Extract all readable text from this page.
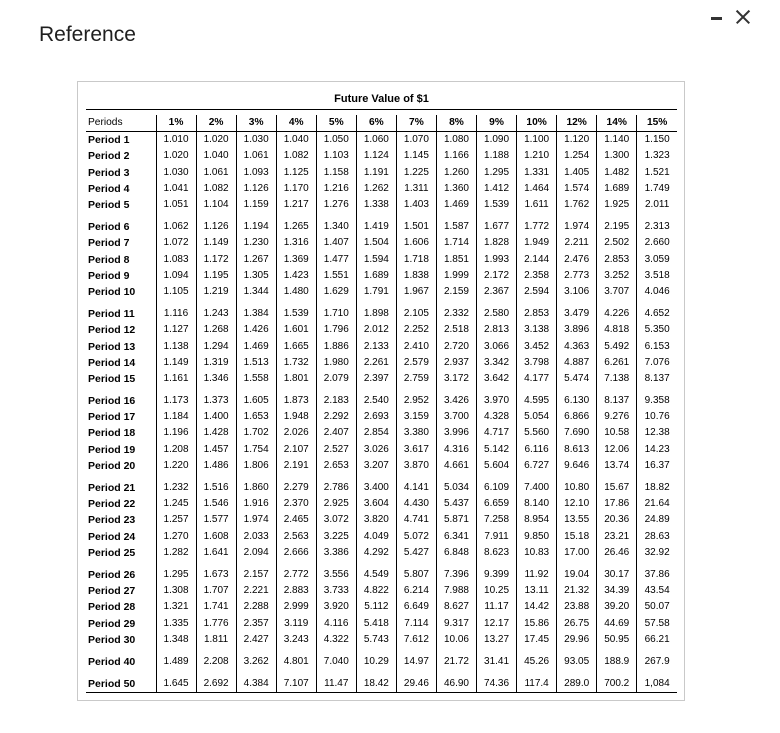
Reference
Future Value of $1
Periods	1%	2%	3%	4%	5%	6%	7%	8%	9%	10%	12%	14%	15%
Period 1	1.010	1.020	1.030	1.040	1.050	1.060	1.070	1.080	1.090	1.100	1.120	1.140	1.150
Period 2	1.020	1.040	1.061	1.082	1.103	1.124	1.145	1.166	1.188	1.210	1.254	1.300	1.323
Period 3	1.030	1.061	1.093	1.125	1.158	1.191	1.225	1.260	1.295	1.331	1.405	1.482	1.521
Period 4	1.041	1.082	1.126	1.170	1.216	1.262	1.311	1.360	1.412	1.464	1.574	1.689	1.749
Period 5	1.051	1.104	1.159	1.217	1.276	1.338	1.403	1.469	1.539	1.611	1.762	1.925	2.011

Period 6	1.062	1.126	1.194	1.265	1.340	1.419	1.501	1.587	1.677	1.772	1.974	2.195	2.313
Period 7	1.072	1.149	1.230	1.316	1.407	1.504	1.606	1.714	1.828	1.949	2.211	2.502	2.660
Period 8	1.083	1.172	1.267	1.369	1.477	1.594	1.718	1.851	1.993	2.144	2.476	2.853	3.059
Period 9	1.094	1.195	1.305	1.423	1.551	1.689	1.838	1.999	2.172	2.358	2.773	3.252	3.518
Period 10	1.105	1.219	1.344	1.480	1.629	1.791	1.967	2.159	2.367	2.594	3.106	3.707	4.046

Period 11	1.116	1.243	1.384	1.539	1.710	1.898	2.105	2.332	2.580	2.853	3.479	4.226	4.652
Period 12	1.127	1.268	1.426	1.601	1.796	2.012	2.252	2.518	2.813	3.138	3.896	4.818	5.350
Period 13	1.138	1.294	1.469	1.665	1.886	2.133	2.410	2.720	3.066	3.452	4.363	5.492	6.153
Period 14	1.149	1.319	1.513	1.732	1.980	2.261	2.579	2.937	3.342	3.798	4.887	6.261	7.076
Period 15	1.161	1.346	1.558	1.801	2.079	2.397	2.759	3.172	3.642	4.177	5.474	7.138	8.137

Period 16	1.173	1.373	1.605	1.873	2.183	2.540	2.952	3.426	3.970	4.595	6.130	8.137	9.358
Period 17	1.184	1.400	1.653	1.948	2.292	2.693	3.159	3.700	4.328	5.054	6.866	9.276	10.76
Period 18	1.196	1.428	1.702	2.026	2.407	2.854	3.380	3.996	4.717	5.560	7.690	10.58	12.38
Period 19	1.208	1.457	1.754	2.107	2.527	3.026	3.617	4.316	5.142	6.116	8.613	12.06	14.23
Period 20	1.220	1.486	1.806	2.191	2.653	3.207	3.870	4.661	5.604	6.727	9.646	13.74	16.37

Period 21	1.232	1.516	1.860	2.279	2.786	3.400	4.141	5.034	6.109	7.400	10.80	15.67	18.82
Period 22	1.245	1.546	1.916	2.370	2.925	3.604	4.430	5.437	6.659	8.140	12.10	17.86	21.64
Period 23	1.257	1.577	1.974	2.465	3.072	3.820	4.741	5.871	7.258	8.954	13.55	20.36	24.89
Period 24	1.270	1.608	2.033	2.563	3.225	4.049	5.072	6.341	7.911	9.850	15.18	23.21	28.63
Period 25	1.282	1.641	2.094	2.666	3.386	4.292	5.427	6.848	8.623	10.83	17.00	26.46	32.92

Period 26	1.295	1.673	2.157	2.772	3.556	4.549	5.807	7.396	9.399	11.92	19.04	30.17	37.86
Period 27	1.308	1.707	2.221	2.883	3.733	4.822	6.214	7.988	10.25	13.11	21.32	34.39	43.54
Period 28	1.321	1.741	2.288	2.999	3.920	5.112	6.649	8.627	11.17	14.42	23.88	39.20	50.07
Period 29	1.335	1.776	2.357	3.119	4.116	5.418	7.114	9.317	12.17	15.86	26.75	44.69	57.58
Period 30	1.348	1.811	2.427	3.243	4.322	5.743	7.612	10.06	13.27	17.45	29.96	50.95	66.21

Period 40	1.489	2.208	3.262	4.801	7.040	10.29	14.97	21.72	31.41	45.26	93.05	188.9	267.9

Period 50	1.645	2.692	4.384	7.107	11.47	18.42	29.46	46.90	74.36	117.4	289.0	700.2	1,084
